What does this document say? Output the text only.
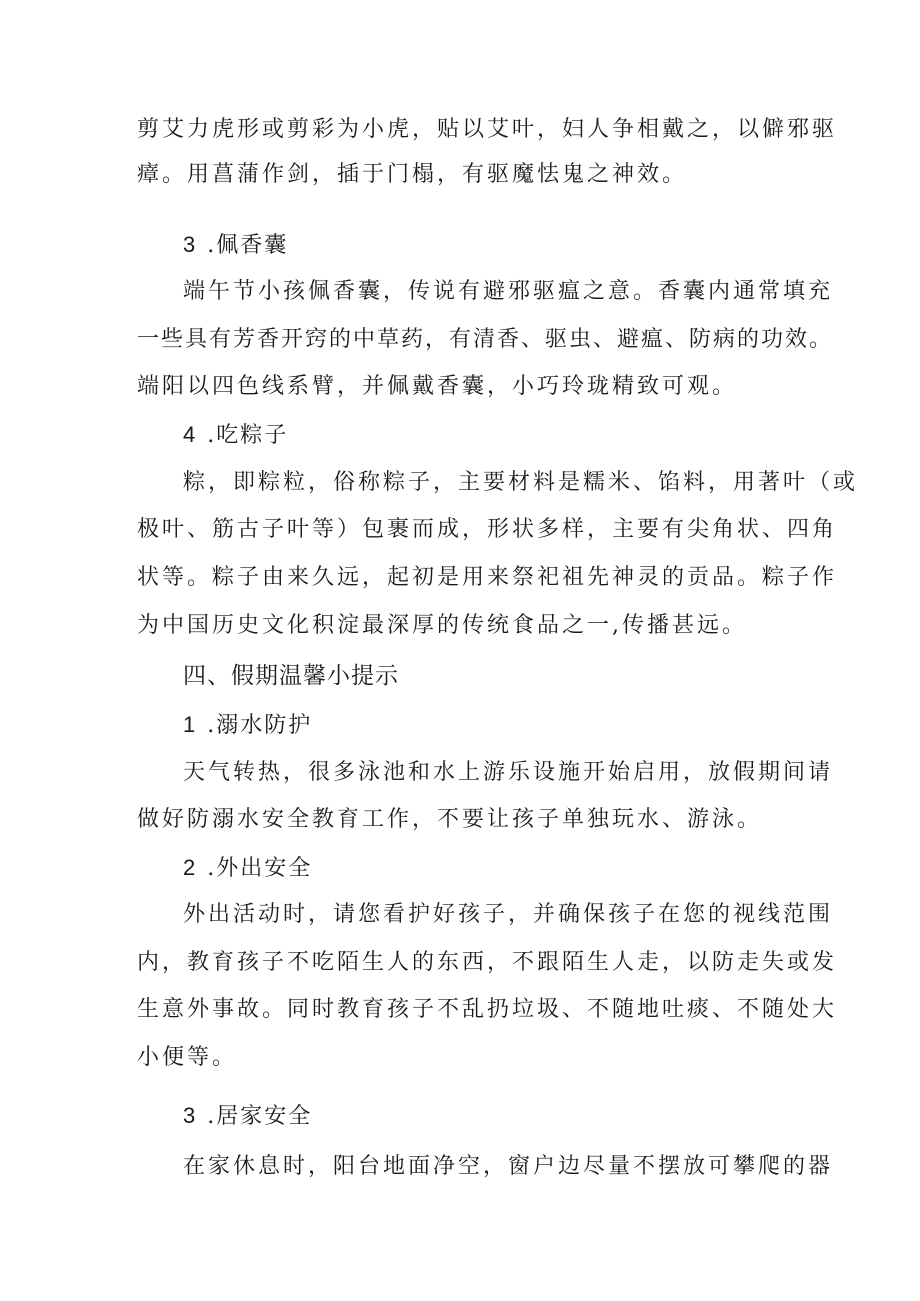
剪艾力虎形或剪彩为小虎，贴以艾叶，妇人争相戴之，以僻邪驱
瘴。用菖蒲作剑，插于门榻，有驱魔怯鬼之神效。
3 .佩香囊
端午节小孩佩香囊，传说有避邪驱瘟之意。香囊内通常填充
一些具有芳香开窍的中草药，有清香、驱虫、避瘟、防病的功效。
端阳以四色线系臂，并佩戴香囊，小巧玲珑精致可观。
4 .吃粽子
粽，即粽粒，俗称粽子，主要材料是糯米、馅料，用著叶（或
极叶、筋古子叶等）包裹而成，形状多样，主要有尖角状、四角
状等。粽子由来久远，起初是用来祭祀祖先神灵的贡品。粽子作
为中国历史文化积淀最深厚的传统食品之一,传播甚远。
四、假期温馨小提示
1 .溺水防护
天气转热，很多泳池和水上游乐设施开始启用，放假期间请
做好防溺水安全教育工作，不要让孩子单独玩水、游泳。
2 .外出安全
外出活动时，请您看护好孩子，并确保孩子在您的视线范围
内，教育孩子不吃陌生人的东西，不跟陌生人走，以防走失或发
生意外事故。同时教育孩子不乱扔垃圾、不随地吐痰、不随处大
小便等。
3 .居家安全
在家休息时，阳台地面净空，窗户边尽量不摆放可攀爬的器
